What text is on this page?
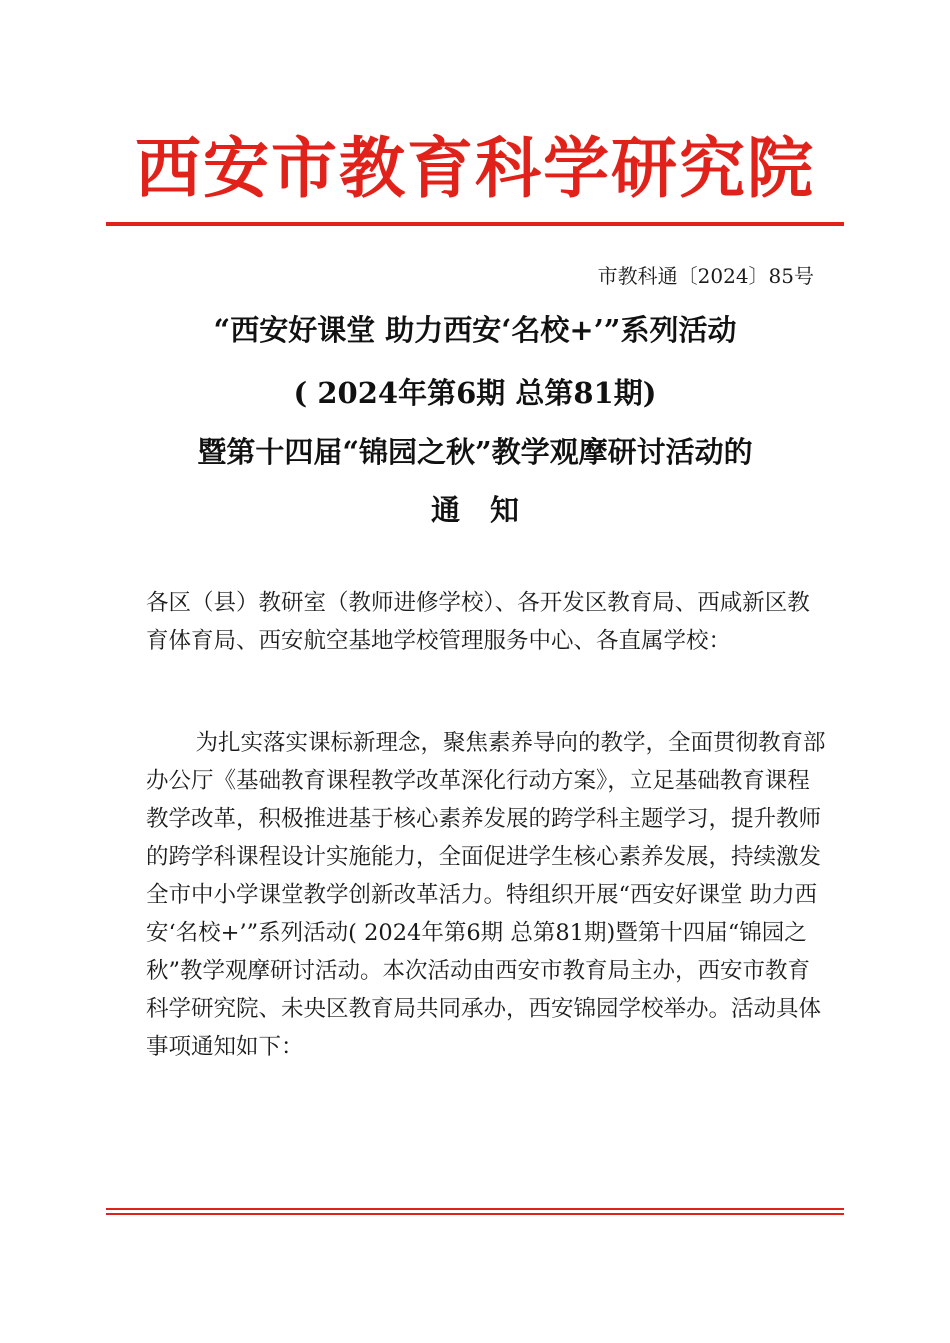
西安市教育科学研究院
市教科通〔2024〕85号
“西安好课堂 助力西安‘名校+’”系列活动
( 2024年第6期 总第81期)
暨第十四届“锦园之秋”教学观摩研讨活动的
通知
各区（县）教研室（教师进修学校）、各开发区教育局、西咸新区教育体育局、西安航空基地学校管理服务中心、各直属学校：
为扎实落实课标新理念，聚焦素养导向的教学，全面贯彻教育部办公厅《基础教育课程教学改革深化行动方案》，立足基础教育课程教学改革，积极推进基于核心素养发展的跨学科主题学习，提升教师的跨学科课程设计实施能力，全面促进学生核心素养发展，持续激发全市中小学课堂教学创新改革活力。特组织开展“西安好课堂 助力西安‘名校+’”系列活动( 2024年第6期 总第81期)暨第十四届“锦园之秋”教学观摩研讨活动。本次活动由西安市教育局主办，西安市教育科学研究院、未央区教育局共同承办，西安锦园学校举办。活动具体事项通知如下：
